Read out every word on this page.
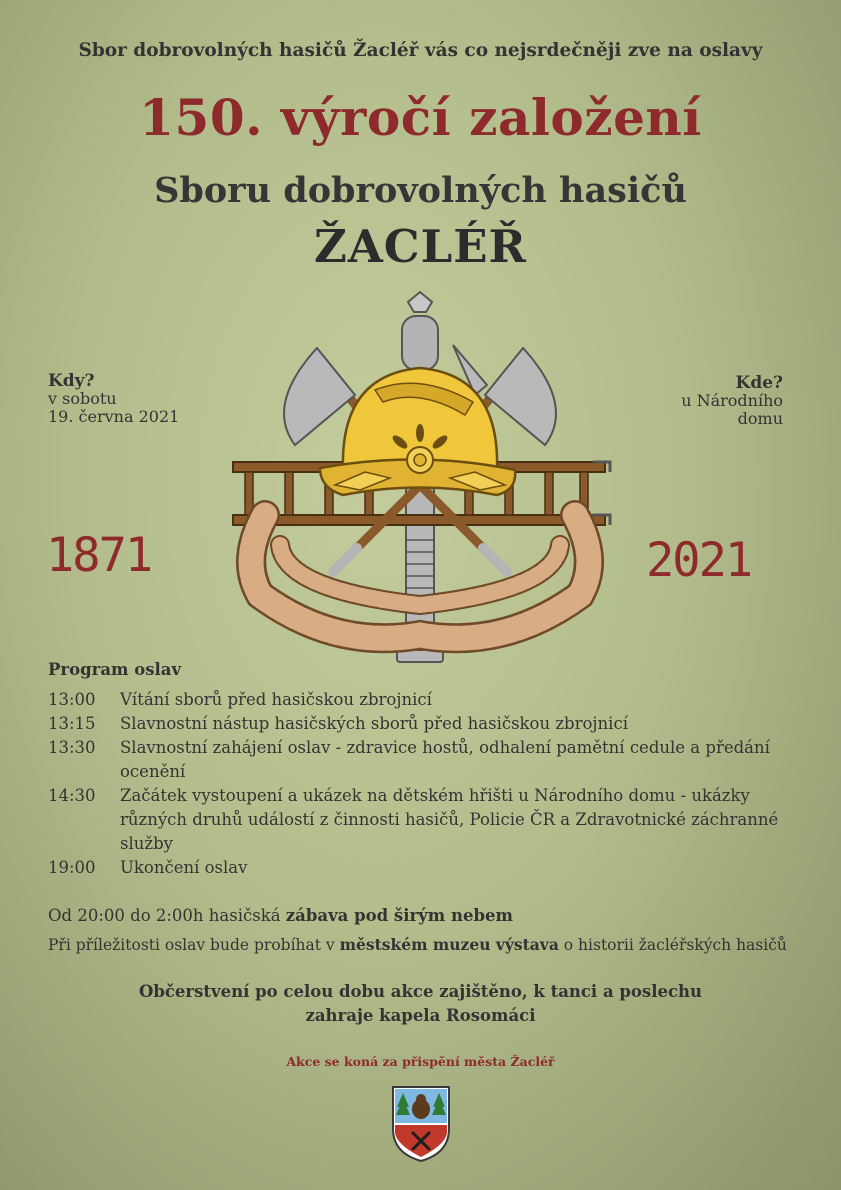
Sbor dobrovolných hasičů Žacléř vás co nejsrdečněji zve na oslavy
150. výročí založení
Sboru dobrovolných hasičů
ŽACLÉŘ
Kdy?
v sobotu
19. června 2021
Kde?
u Národního
domu
1871	2021
Program oslav
13:00	Vítání sborů před hasičskou zbrojnicí
13:15	Slavnostní nástup hasičských sborů před hasičskou zbrojnicí
13:30	Slavnostní zahájení oslav - zdravice hostů, odhalení pamětní cedule a předání ocenění
14:30	Začátek vystoupení a ukázek na dětském hřišti u Národního domu - ukázky různých druhů událostí z činnosti hasičů, Policie ČR a Zdravotnické záchranné služby
19:00	Ukončení oslav
Od 20:00 do 2:00h hasičská zábava pod širým nebem
Při příležitosti oslav bude probíhat v městském muzeu výstava o historii žacléřských hasičů
Občerstvení po celou dobu akce zajištěno, k tanci a poslechu
zahraje kapela Rosomáci
Akce se koná za přispění města Žacléř
